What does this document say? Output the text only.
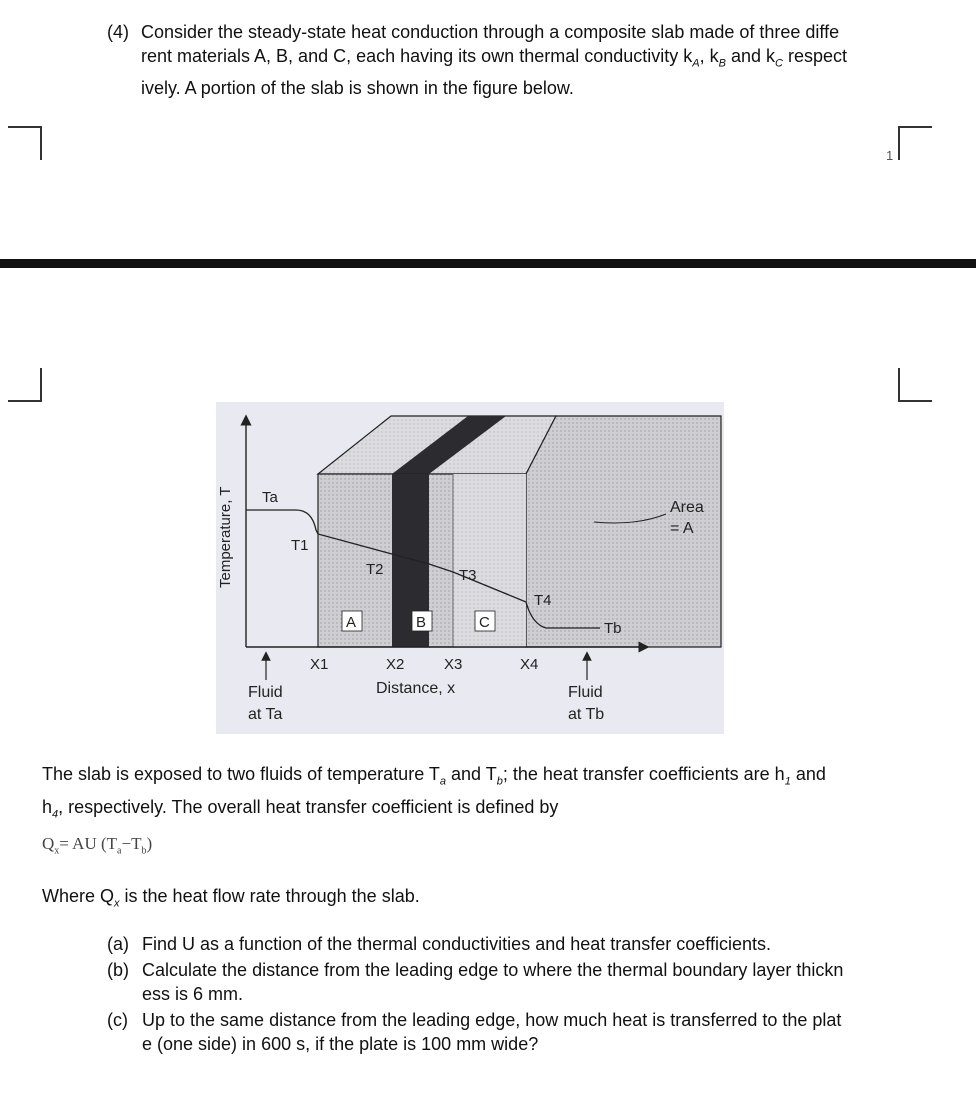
(4) Consider the steady-state heat conduction through a composite slab made of three diffe
rent materials A, B, and C, each having its own thermal conductivity $k_A$, $k_B$ and $k_C$ respect
ively. A portion of the slab is shown in the figure below.
1
Temperature, T Ta
T1
T2	T3
T4
Tb
A	B	C
X1	X2	X3	X4
Distance, x
Area
= A
Fluid
at Ta
Fluid
at Tb
The slab is exposed to two fluids of temperature $T_a$ and $T_b$; the heat transfer coefficients are $h_1$ and
$h_4$, respectively. The overall heat transfer coefficient is defined by
$Q_x=$ AU $(T_a-T_b)$
Where $Q_x$ is the heat flow rate through the slab.
(a) Find U as a function of the thermal conductivities and heat transfer coefficients.
(b) Calculate the distance from the leading edge to where the thermal boundary layer thickn
ess is 6 mm.
(c) Up to the same distance from the leading edge, how much heat is transferred to the plat
e (one side) in 600 s, if the plate is 100 mm wide?
